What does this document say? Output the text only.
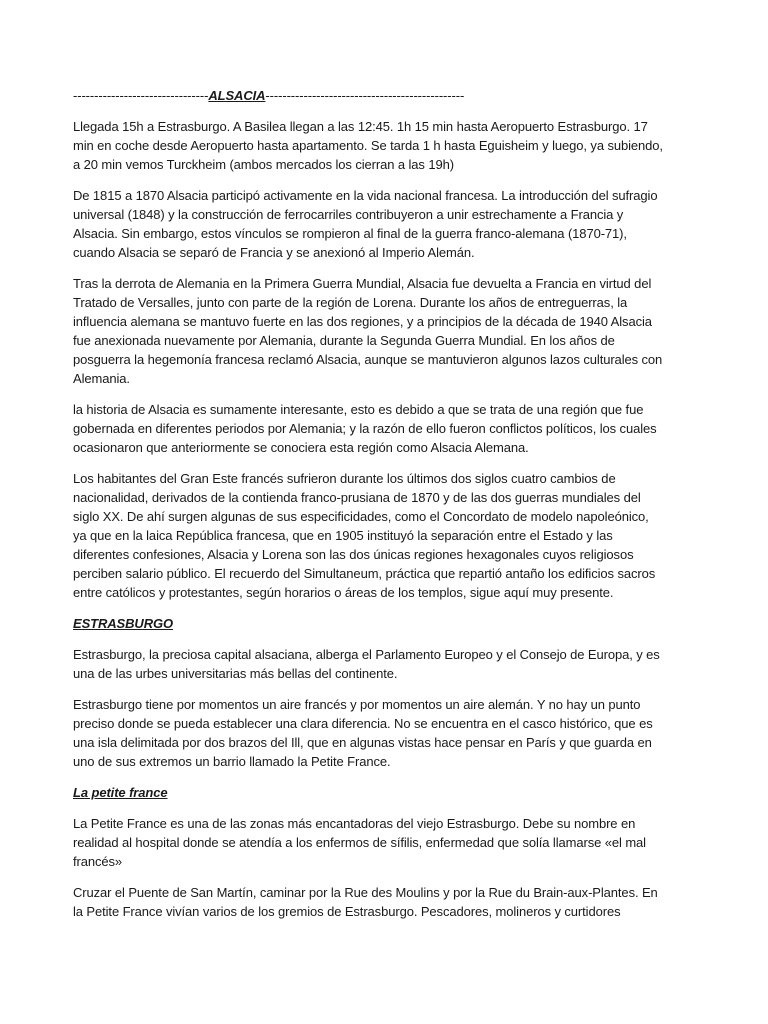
--------------------------------ALSACIA-----------------------------------------------

Llegada 15h a Estrasburgo. A Basilea llegan a las 12:45. 1h 15 min hasta Aeropuerto Estrasburgo. 17 min en coche desde Aeropuerto hasta apartamento. Se tarda 1 h hasta Eguisheim y luego, ya subiendo, a 20 min vemos Turckheim (ambos mercados los cierran a las 19h)

De 1815 a 1870 Alsacia participó activamente en la vida nacional francesa. La introducción del sufragio universal (1848) y la construcción de ferrocarriles contribuyeron a unir estrechamente a Francia y Alsacia. Sin embargo, estos vínculos se rompieron al final de la guerra franco-alemana (1870-71), cuando Alsacia se separó de Francia y se anexionó al Imperio Alemán.

Tras la derrota de Alemania en la Primera Guerra Mundial, Alsacia fue devuelta a Francia en virtud del Tratado de Versalles, junto con parte de la región de Lorena. Durante los años de entreguerras, la influencia alemana se mantuvo fuerte en las dos regiones, y a principios de la década de 1940 Alsacia fue anexionada nuevamente por Alemania, durante la Segunda Guerra Mundial. En los años de posguerra la hegemonía francesa reclamó Alsacia, aunque se mantuvieron algunos lazos culturales con Alemania.

la historia de Alsacia es sumamente interesante, esto es debido a que se trata de una región que fue gobernada en diferentes periodos por Alemania; y la razón de ello fueron conflictos políticos, los cuales ocasionaron que anteriormente se conociera esta región como Alsacia Alemana.

Los habitantes del Gran Este francés sufrieron durante los últimos dos siglos cuatro cambios de nacionalidad, derivados de la contienda franco-prusiana de 1870 y de las dos guerras mundiales del siglo XX. De ahí surgen algunas de sus especificidades, como el Concordato de modelo napoleónico, ya que en la laica República francesa, que en 1905 instituyó la separación entre el Estado y las diferentes confesiones, Alsacia y Lorena son las dos únicas regiones hexagonales cuyos religiosos perciben salario público. El recuerdo del Simultaneum, práctica que repartió antaño los edificios sacros entre católicos y protestantes, según horarios o áreas de los templos, sigue aquí muy presente.

ESTRASBURGO

Estrasburgo, la preciosa capital alsaciana, alberga el Parlamento Europeo y el Consejo de Europa, y es una de las urbes universitarias más bellas del continente.

Estrasburgo tiene por momentos un aire francés y por momentos un aire alemán. Y no hay un punto preciso donde se pueda establecer una clara diferencia. No se encuentra en el casco histórico, que es una isla delimitada por dos brazos del Ill, que en algunas vistas hace pensar en París y que guarda en uno de sus extremos un barrio llamado la Petite France.

La petite france

La Petite France es una de las zonas más encantadoras del viejo Estrasburgo. Debe su nombre en realidad al hospital donde se atendía a los enfermos de sífilis, enfermedad que solía llamarse «el mal francés»

Cruzar el Puente de San Martín, caminar por la Rue des Moulins y por la Rue du Brain-aux-Plantes. En la Petite France vivían varios de los gremios de Estrasburgo. Pescadores, molineros y curtidores
